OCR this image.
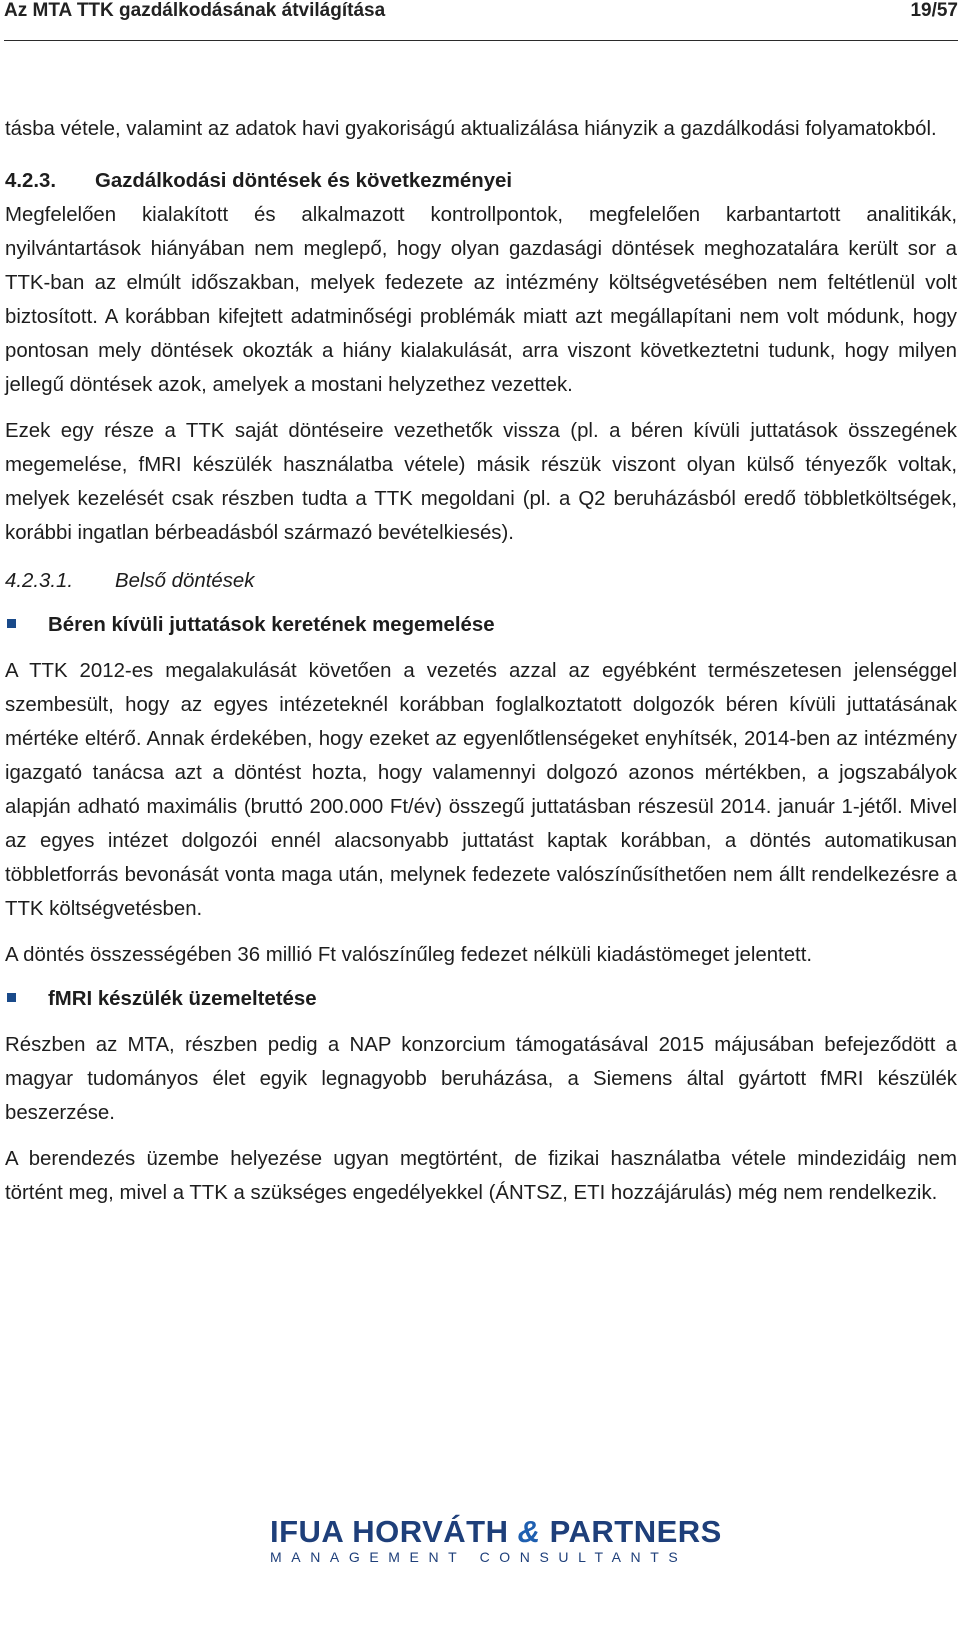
Az MTA TTK gazdálkodásának átvilágítása	19/57

tásba vétele, valamint az adatok havi gyakoriságú aktualizálása hiányzik a gazdálkodási folyamatokból.

4.2.3. Gazdálkodási döntések és következményei

Megfelelően kialakított és alkalmazott kontrollpontok, megfelelően karbantartott analitikák, nyilvántartások hiányában nem meglepő, hogy olyan gazdasági döntések meghozatalára került sor a TTK-ban az elmúlt időszakban, melyek fedezete az intézmény költségvetésében nem feltétlenül volt biztosított. A korábban kifejtett adatminőségi problémák miatt azt megállapítani nem volt módunk, hogy pontosan mely döntések okozták a hiány kialakulását, arra viszont következtetni tudunk, hogy milyen jellegű döntések azok, amelyek a mostani helyzethez vezettek.

Ezek egy része a TTK saját döntéseire vezethetők vissza (pl. a béren kívüli juttatások összegének megemelése, fMRI készülék használatba vétele) másik részük viszont olyan külső tényezők voltak, melyek kezelését csak részben tudta a TTK megoldani (pl. a Q2 beruházásból eredő többletköltségek, korábbi ingatlan bérbeadásból származó bevételkiesés).

4.2.3.1. Belső döntések
Béren kívüli juttatások keretének megemelése

A TTK 2012-es megalakulását követően a vezetés azzal az egyébként természetesen jelenséggel szembesült, hogy az egyes intézeteknél korábban foglalkoztatott dolgozók béren kívüli juttatásának mértéke eltérő. Annak érdekében, hogy ezeket az egyenlőtlenségeket enyhítsék, 2014-ben az intézmény igazgató tanácsa azt a döntést hozta, hogy valamennyi dolgozó azonos mértékben, a jogszabályok alapján adható maximális (bruttó 200.000 Ft/év) összegű juttatásban részesül 2014. január 1-jétől. Mivel az egyes intézet dolgozói ennél alacsonyabb juttatást kaptak korábban, a döntés automatikusan többletforrás bevonását vonta maga után, melynek fedezete valószínűsíthetően nem állt rendelkezésre a TTK költségvetésben.

A döntés összességében 36 millió Ft valószínűleg fedezet nélküli kiadástömeget jelentett.

fMRI készülék üzemeltetése

Részben az MTA, részben pedig a NAP konzorcium támogatásával 2015 májusában befejeződött a magyar tudományos élet egyik legnagyobb beruházása, a Siemens által gyártott fMRI készülék beszerzése.

A berendezés üzembe helyezése ugyan megtörtént, de fizikai használatba vétele mindezidáig nem történt meg, mivel a TTK a szükséges engedélyekkel (ÁNTSZ, ETI hozzájárulás) még nem rendelkezik.

IFUA HORVÁTH & PARTNERS
MANAGEMENT CONSULTANTS
